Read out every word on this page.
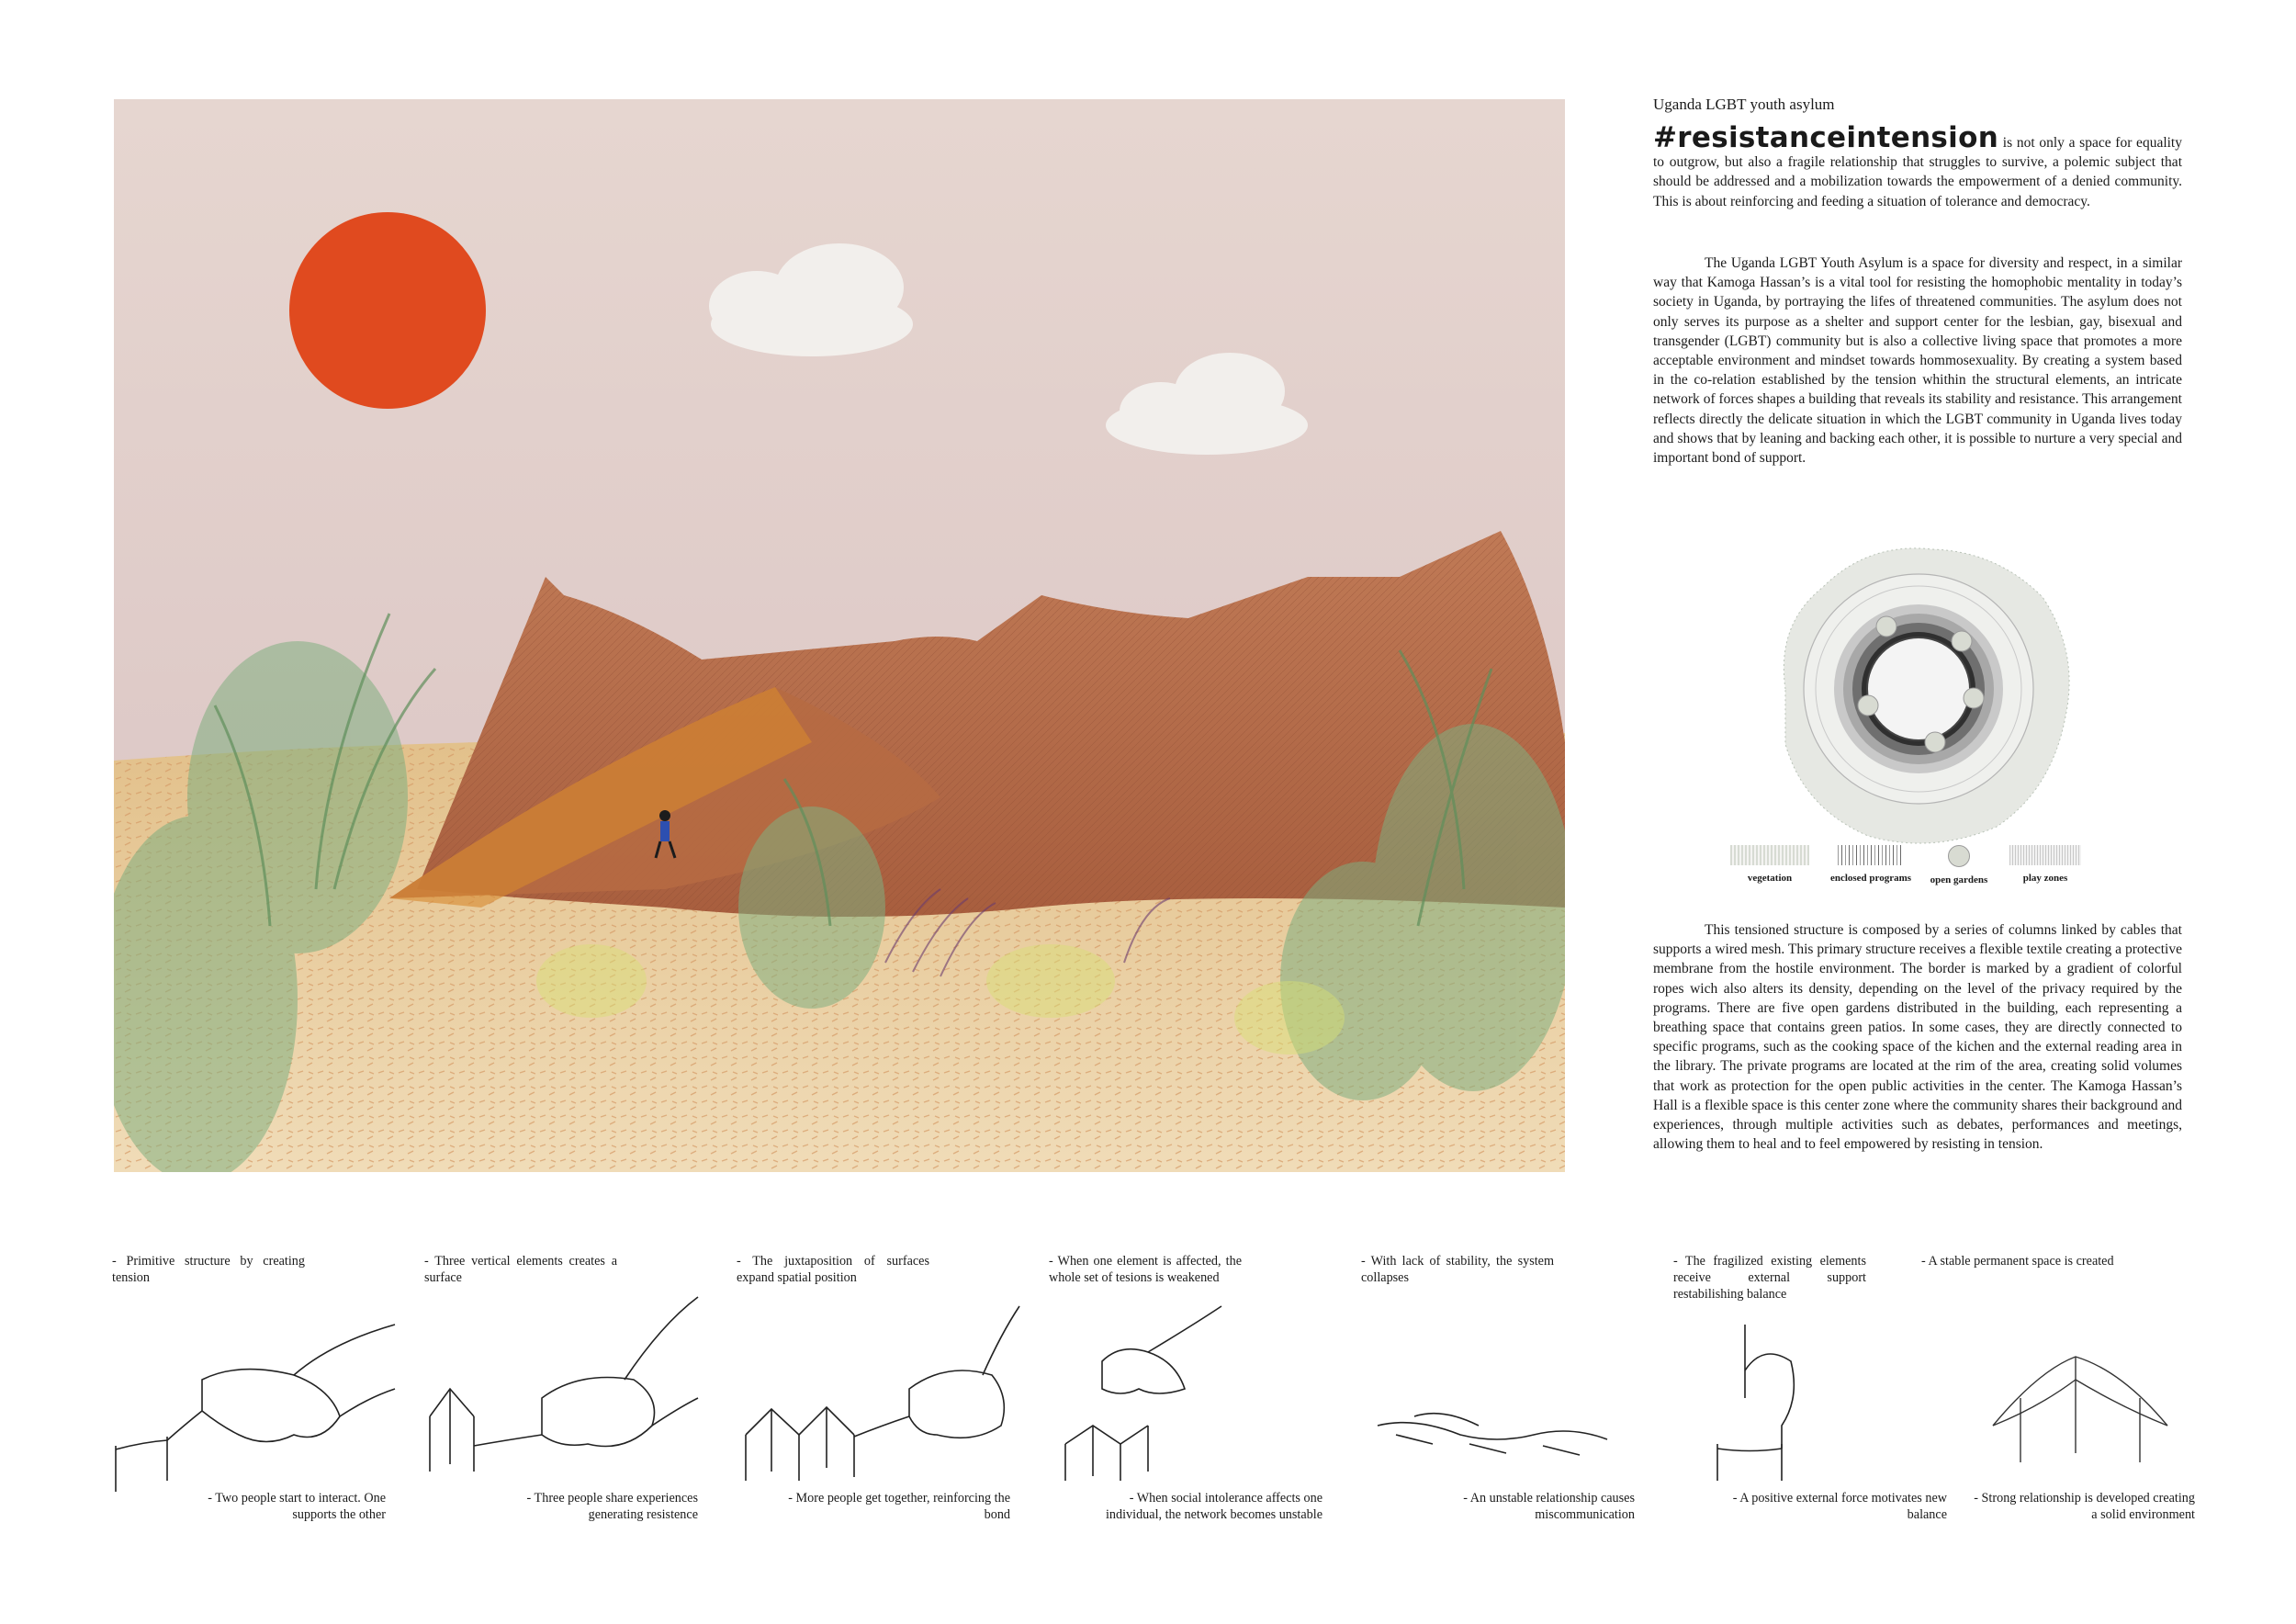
Uganda LGBT youth asylum

#resistanceintension is not only a space for equality to outgrow, but also a fragile relationship that struggles to survive, a polemic subject that should be addressed and a mobilization towards the empowerment of a denied community. This is about reinforcing and feeding a situation of tolerance and democracy.

The Uganda LGBT Youth Asylum is a space for diversity and respect, in a similar way that Kamoga Hassan’s is a vital tool for resisting the homophobic mentality in today’s society in Uganda, by portraying the lifes of threatened communities. The asylum does not only serves its purpose as a shelter and support center for the lesbian, gay, bisexual and transgender (LGBT) community but is also a collective living space that promotes a more acceptable environment and mindset towards hommosexuality. By creating a system based in the co-relation established by the tension whithin the structural elements, an intricate network of forces shapes a building that reveals its stability and resistance. This arrangement reflects directly the delicate situation in which the LGBT community in Uganda lives today and shows that by leaning and backing each other, it is possible to nurture a very special and important bond of support.

vegetation	enclosed programs	open gardens	play zones

This tensioned structure is composed by a series of columns linked by cables that supports a wired mesh. This primary structure receives a flexible textile creating a protective membrane from the hostile environment. The border is marked by a gradient of colorful ropes wich also alters its density, depending on the level of the privacy required by the programs. There are five open gardens distributed in the building, each representing a breathing space that contains green patios. In some cases, they are directly connected to specific programs, such as the cooking space of the kichen and the external reading area in the library. The private programs are located at the rim of the area, creating solid volumes that work as protection for the open public activities in the center. The Kamoga Hassan’s Hall is a flexible space is this center zone where the community shares their background and experiences, through multiple activities such as debates, performances and meetings, allowing them to heal and to feel empowered by resisting in tension.

- Primitive structure by creating tension

- Two people start to interact. One supports the other

- Three vertical elements creates a surface

- Three people share experiences generating resistence

- The juxtaposition of surfaces expand spatial position

- More people get together, reinforcing the bond

- When one element is affected, the whole set of tesions is weakened

- When social intolerance affects one individual, the network becomes unstable

- With lack of stability, the system collapses

- An unstable relationship causes miscommunication

- The fragilized existing elements receive external support restabilishing balance

- A positive external force motivates new balance

- A stable permanent space is created

- Strong relationship is developed creating a solid environment
